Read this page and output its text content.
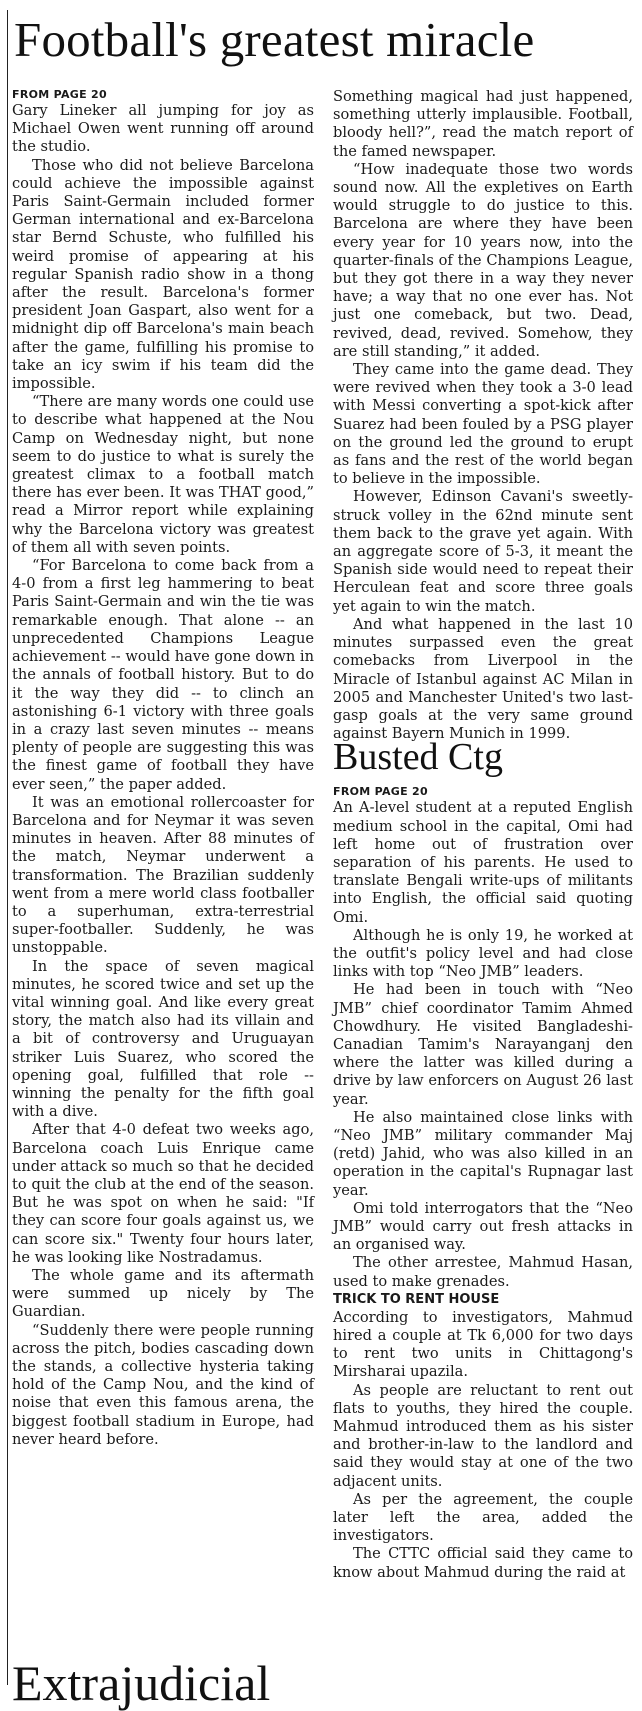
Football's greatest miracle

FROM PAGE 20

Gary Lineker all jumping for joy as Michael Owen went running off around the studio.

Those who did not believe Barcelona could achieve the impossible against Paris Saint-Germain included former German international and ex-Barcelona star Bernd Schuste, who fulfilled his weird promise of appearing at his regular Spanish radio show in a thong after the result. Barcelona's former president Joan Gaspart, also went for a midnight dip off Barcelona's main beach after the game, fulfilling his promise to take an icy swim if his team did the impossible.

“There are many words one could use to describe what happened at the Nou Camp on Wednesday night, but none seem to do justice to what is surely the greatest climax to a football match there has ever been. It was THAT good,” read a Mirror report while explaining why the Barcelona victory was greatest of them all with seven points.

“For Barcelona to come back from a 4-0 from a first leg hammering to beat Paris Saint-Germain and win the tie was remarkable enough. That alone -- an unprecedented Champions League achievement -- would have gone down in the annals of football history. But to do it the way they did -- to clinch an astonishing 6-1 victory with three goals in a crazy last seven minutes -- means plenty of people are suggesting this was the finest game of football they have ever seen,” the paper added.

It was an emotional rollercoaster for Barcelona and for Neymar it was seven minutes in heaven. After 88 minutes of the match, Neymar underwent a transformation. The Brazilian suddenly went from a mere world class footballer to a superhuman, extra-terrestrial super-footballer. Suddenly, he was unstoppable.

In the space of seven magical minutes, he scored twice and set up the vital winning goal. And like every great story, the match also had its villain and a bit of controversy and Uruguayan striker Luis Suarez, who scored the opening goal, fulfilled that role -- winning the penalty for the fifth goal with a dive.

After that 4-0 defeat two weeks ago, Barcelona coach Luis Enrique came under attack so much so that he decided to quit the club at the end of the season. But he was spot on when he said: "If they can score four goals against us, we can score six." Twenty four hours later, he was looking like Nostradamus.

The whole game and its aftermath were summed up nicely by The Guardian.

“Suddenly there were people running across the pitch, bodies cascading down the stands, a collective hysteria taking hold of the Camp Nou, and the kind of noise that even this famous arena, the biggest football stadium in Europe, had never heard before.

Something magical had just happened, something utterly implausible. Football, bloody hell?”, read the match report of the famed newspaper.

“How inadequate those two words sound now. All the expletives on Earth would struggle to do justice to this. Barcelona are where they have been every year for 10 years now, into the quarter-finals of the Champions League, but they got there in a way they never have; a way that no one ever has. Not just one comeback, but two. Dead, revived, dead, revived. Somehow, they are still standing,” it added.

They came into the game dead. They were revived when they took a 3-0 lead with Messi converting a spot-kick after Suarez had been fouled by a PSG player on the ground led the ground to erupt as fans and the rest of the world began to believe in the impossible.

However, Edinson Cavani's sweetly-struck volley in the 62nd minute sent them back to the grave yet again. With an aggregate score of 5-3, it meant the Spanish side would need to repeat their Herculean feat and score three goals yet again to win the match.

And what happened in the last 10 minutes surpassed even the great comebacks from Liverpool in the Miracle of Istanbul against AC Milan in 2005 and Manchester United's two last-gasp goals at the very same ground against Bayern Munich in 1999.

Busted Ctg

FROM PAGE 20

An A-level student at a reputed English medium school in the capital, Omi had left home out of frustration over separation of his parents. He used to translate Bengali write-ups of militants into English, the official said quoting Omi.

Although he is only 19, he worked at the outfit's policy level and had close links with top “Neo JMB” leaders.

He had been in touch with “Neo JMB” chief coordinator Tamim Ahmed Chowdhury. He visited Bangladeshi-Canadian Tamim's Narayanganj den where the latter was killed during a drive by law enforcers on August 26 last year.

He also maintained close links with “Neo JMB” military commander Maj (retd) Jahid, who was also killed in an operation in the capital's Rupnagar last year.

Omi told interrogators that the “Neo JMB” would carry out fresh attacks in an organised way.

The other arrestee, Mahmud Hasan, used to make grenades.

TRICK TO RENT HOUSE

According to investigators, Mahmud hired a couple at Tk 6,000 for two days to rent two units in Chittagong's Mirsharai upazila.

As people are reluctant to rent out flats to youths, they hired the couple. Mahmud introduced them as his sister and brother-in-law to the landlord and said they would stay at one of the two adjacent units.

As per the agreement, the couple later left the area, added the investigators.

The CTTC official said they came to know about Mahmud during the raid at

Extrajudicial
